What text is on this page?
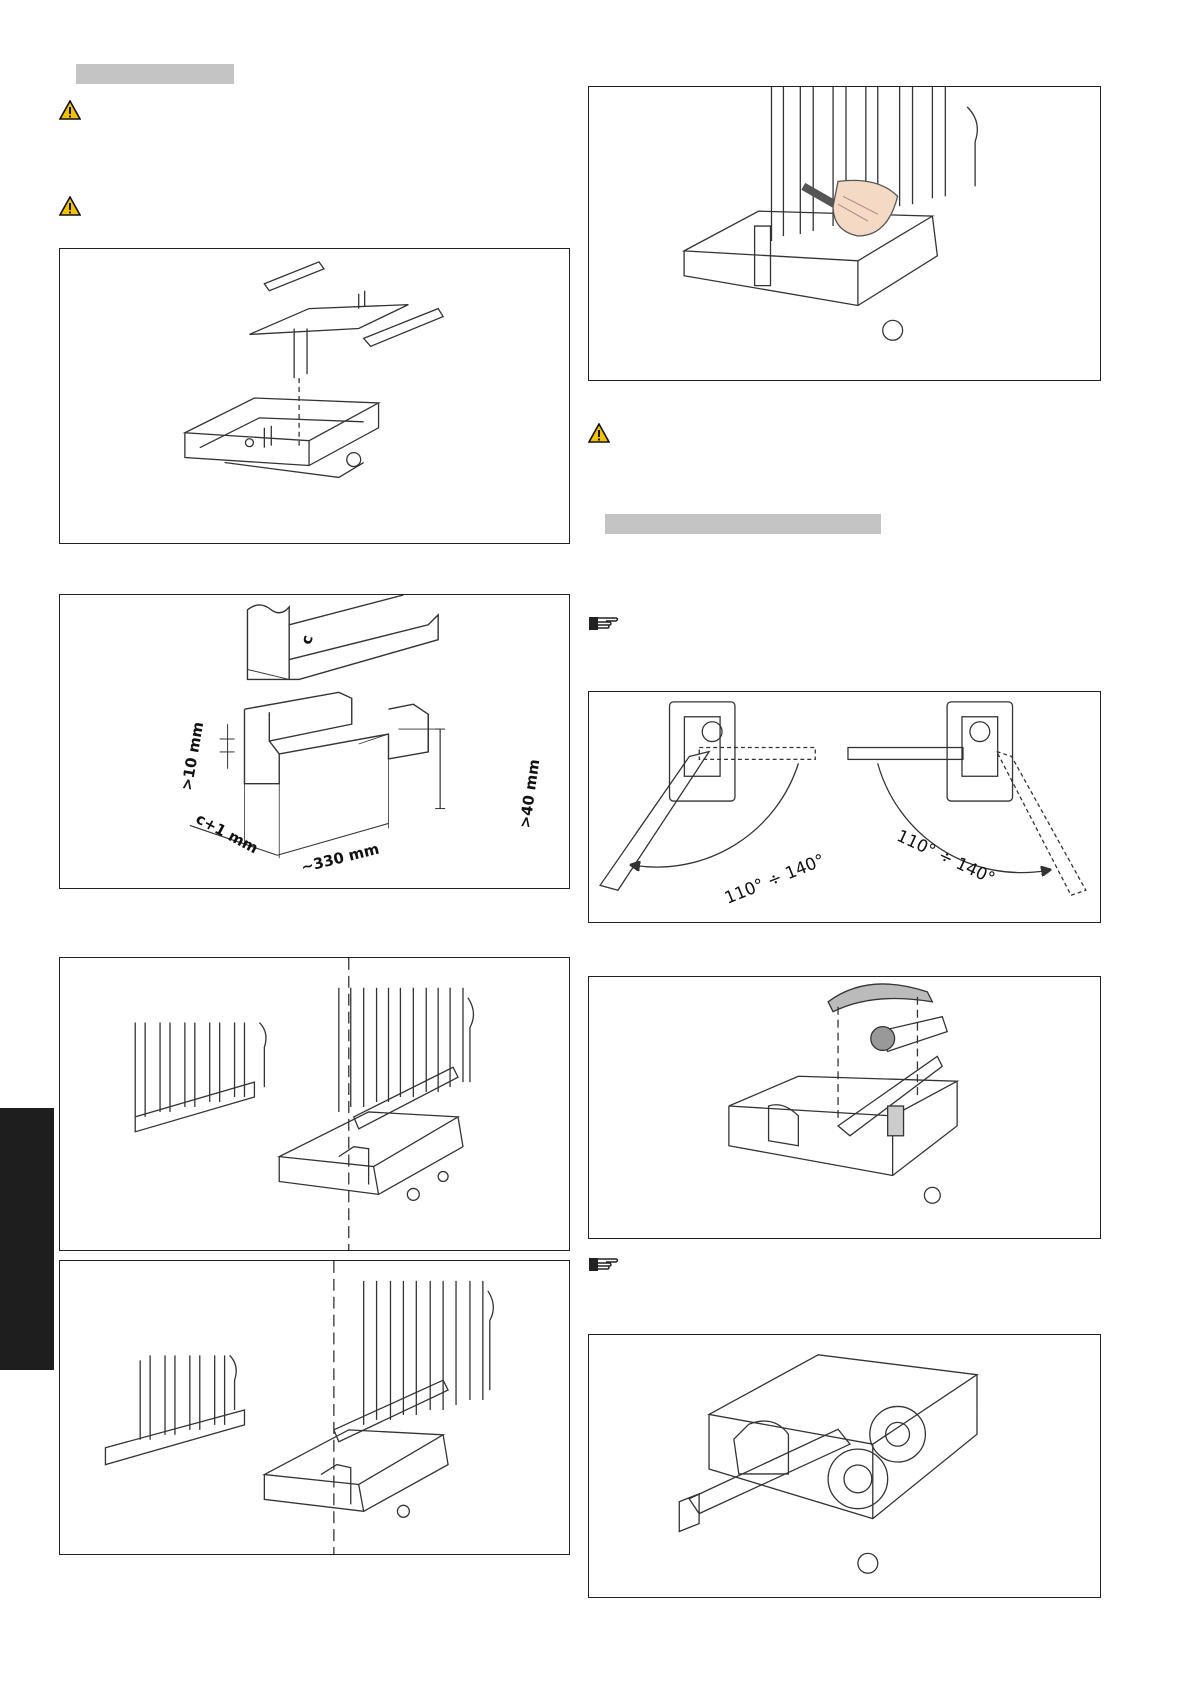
c
>10 mm
>40 mm
c+1 mm
~330 mm	110° ÷ 140°	110° ÷ 140°
